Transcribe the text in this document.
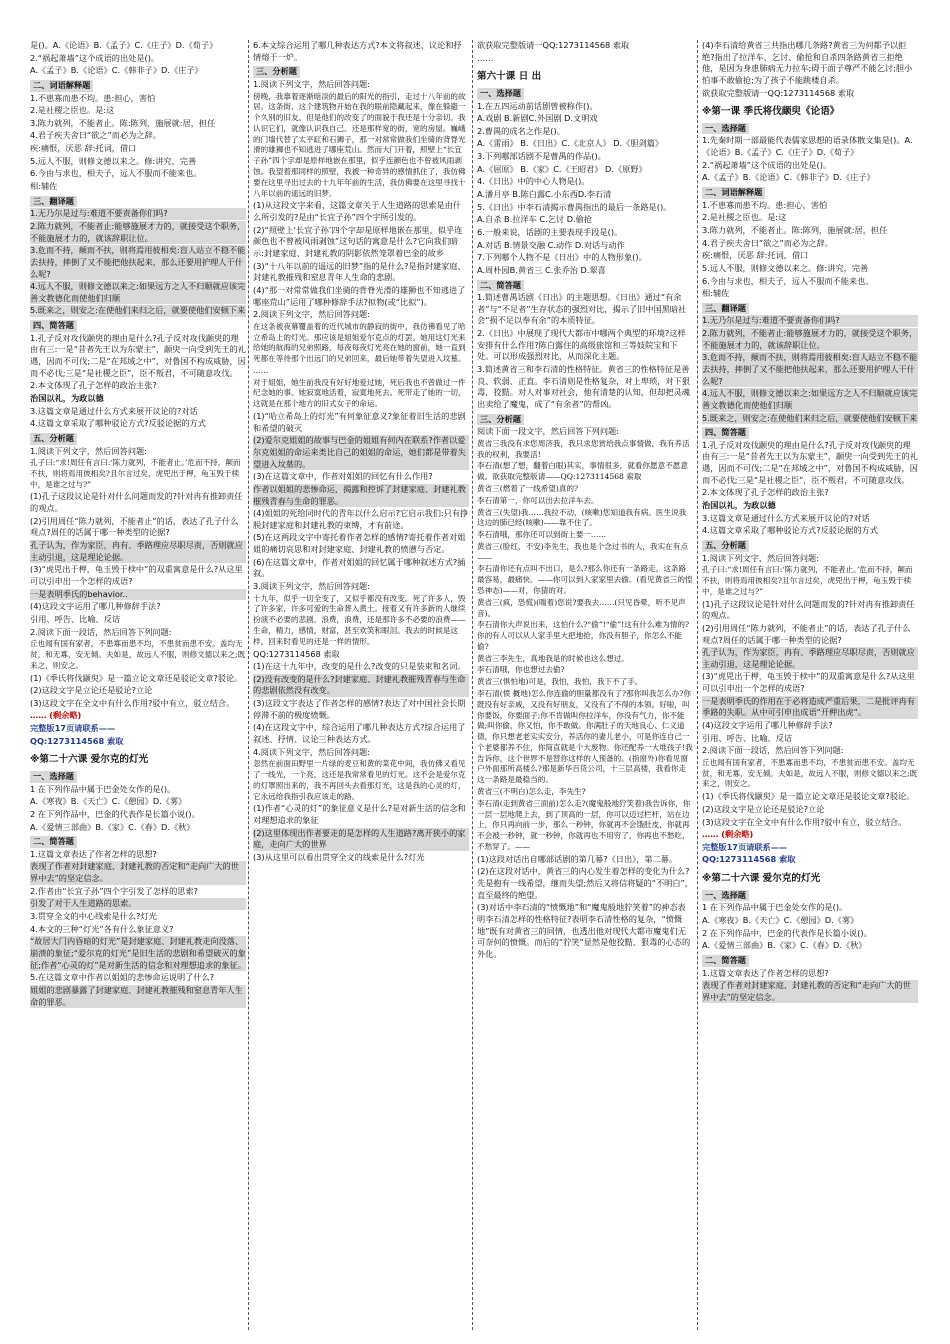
是()。A.《论语》B.《孟子》C.《庄子》D.《荀子》

2.“祸起萧墙”这个成语的出处是()。

A.《孟子》B.《论语》C.《韩非子》D.《庄子》

二、词语解释题

1.不患寡而患不均。患:担心，害怕

2.是社稷之臣也。是:这

3.陈力就列，不能者止。陈:陈列，施展就:居，担任

4.君子疾夫舍曰“欲之”而必为之辞。

疾:痛恨，厌恶 辞:托词，借口

5.远人不服，则修文德以来之。修:讲究，完善

6.今由与求也，相夫子，远人不服而不能来也。

相:辅佐

三、翻译题

1.无乃尔是过与:难道不要责备你们吗?

2.陈力就列，不能者止:能够施展才力的，就接受这个职务，不能施展才力的，就该辞职让位。

3.危而不持，颠而不扶，则将焉用彼相矣:盲人站立不稳不能去扶持，摔倒了又不能把他扶起来，那么还要用护理人干什么呢?

4.远人不服，则修文德以来之:如果远方之人不归顺就应该完善文教德化而使他们归顺

5.既来之，则安之:在使他们来归之后，就要使他们安顿下来

四、简答题

1.孔子反对攻伐颛臾的理由是什么?孔子反对攻伐颛臾的理由有三:一是“昔者先王以为东蒙主”，颛臾一向受到先王的礼遇，因而不可伐;二是“在邦域之中”，对鲁国不构成威胁，因而不必伐;三是“是社稷之臣”，臣不叛君，不可随意攻伐。

2.本文体现了孔子怎样的政治主张?

治国以礼，为政以德

3.这篇文章是通过什么方式来展开议论的?对话

4.这篇文章采取了哪种驳论方式?反驳论据的方式

五、分析题

1.阅读下列文字，然后回答问题:

孔子曰:“求!周任有言曰:‘陈力就列，不能者止。’危而不持，颠而不扶，则将焉用彼相矣?且尔言过矣，虎兕出于柙，龟玉毁于椟中，是谁之过与?”

(1)孔子这段议论是针对什么问题而发的?针对冉有推卸责任的观点。

(2)引用周任“陈力就列，不能者止”的话，表达了孔子什么观点?周任的话属于哪一种类型的论据?

孔子认为，作为家臣，冉有、季路理应尽职尽责，否则就应主动引退，这是理论论据。

(3)“虎兕出于柙，龟玉毁于椟中”的双重寓意是什么?从这里可以引申出一个怎样的成语?

一是表明季氏的behavior..

(4)这段文字运用了哪几种修辞手法?

引用、呼告、比喻、反诘

2.阅读下面一段话，然后回答下列问题:

丘也闻有国有家者，不患寡而患不均，不患贫而患不安。盖均无贫，和无寡，安无倾。夫如是，故远人不服，则修文德以来之;既来之，则安之。

(1)《季氏将伐颛臾》是一篇立论文章还是驳论文章?驳论。

(2)这段文字是立论还是驳论?立论

(3)这段文字在全文中有什么作用?驳中有立，驳立结合。

…… (剩余略)

完整版17页请联系——

QQ:1273114568 索取

※第二十六课 爱尔克的灯光

一、选择题

1 在下列作品中属于巴金处女作的是()。

A.《寒夜》B.《天亡》C.《憩园》D.《雾》

2 在下列作品中，巴金的代表作是长篇小说()。

A.《爱情三部曲》B.《家》C.《春》D.《秋》

二、简答题

1.这篇文章表达了作者怎样的思想?

表现了作者对封建家庭、封建礼教的否定和“走向广大的世界中去”的坚定信念。

2.作者由“长宜子孙”四个字引发了怎样的思索?

引发了对于人生道路的思索。

3.贯穿全文的中心线索是什么?灯光

4.本文的三种“灯光”各有什么象征意义?

“故居大门内昏暗的灯光”是封建家庭、封建礼教走向没落、崩溃的象征;“爱尔克的灯光”是旧生活的悲剧和希望破灭的象征;作者“心灵的灯”是对新生活的信念和对理想追求的象征。

5.在这篇文章中作者以姐姐的悲惨命运说明了什么?

姐姐的悲剧暴露了封建家庭、封建礼教摧残和窒息青年人生命的罪恶。

6.本文综合运用了哪几种表达方式?本文将叙述、议论和抒情熔于一炉。

三、分析题

1.阅读下列文字，然后回答问题:

傍晚，我靠着逐渐暗淡的最后的阳光的指引，走过十八年前的故居。这条街、这个建筑物开始在我的眼前隐藏起来，像在躲避一个久别的旧友。但是他们的改变了的面貌于我还是十分亲切。我认识它们，就像认识我自己。还是那样宽的街，宽的房屋。巍峨的门墙代替了太平缸和石狮子，那一对常常做我们坐骑的背脊光滑的雄狮也不知逃进了哪座荒山。然而大门开着，照壁上“长宜子孙”四个字却是原样地嵌在那里，似乎连颜色也不曾被风雨剥蚀。我望着那同样的照壁，我被一种奇异的感情抓住了，我仿佛要在这里寻出过去的十九年年前的生活，我仿佛要在这里寻找十八年以前的遥远的旧梦。

(1)从这段文字来看，这篇文章关于人生道路的思索是由什么所引发的?是由“长宜子孙”四个字所引发的。

(2)“照壁上‘长宜子孙’四个字却是原样地嵌在那里，似乎连颜色也不曾被风雨剥蚀”这句话的寓意是什么?它向我们暗示:封建家庭、封建礼教的阴影依然笼罩着巴金的故乡

(3)“十八年以前的遥远的旧梦”指的是什么?是指封建家庭、封建礼教摧残和窒息青年人生命的悲剧。

(4)“那一对常常做我们坐骑的背脊光滑的雄狮也不知逃进了哪座荒山”运用了哪种修辞手法?拟物(或“比拟”)。

2.阅读下列文字，然后回答问题:

在这条被夜幕覆盖着的近代城市的静寂的街中，我彷彿看见了哈立希岛上的灯光。那应该是姐姐爱尔克点的灯罢。她用这灯光来给她的航海的兄弟照路，每夜每夜灯光亮在她的窗前，她一直到死都在等待那个出远门的兄弟回来，最后她带着失望进入坟墓。

……

对于姐姐，她生前我没有好好地爱过她，死后我也不曾做过一件纪念她的事。她寂寞地活着，寂寞地死去。死带走了她的一切，这就是在那个地方的旧式女子的命运。

(1)“哈立希岛上的灯光”有何象征意义?象征着旧生活的悲剧和希望的破灭

(2)爱尔克姐姐的故事与巴金的姐姐有何内在联系?作者以爱尔克姐姐的命运来类比自己的姐姐的命运，她们都是带着失望进入坟墓的。

(3)在这篇文章中，作者对姐姐的回忆有什么作用?

作者以姐姐的悲惨命运，揭露和控诉了封建家庭、封建礼教摧残青春与生命的罪恶。

(4)姐姐的死给同时代的青年以什么启示?它启示我们:只有挣脱封建家庭和封建礼教的束缚，才有前途。

(5)在这两段文字中寄托着作者怎样的感情?寄托着作者对姐姐的痛切哀思和对封建家庭、封建礼教的愤懑与否定。

(6)在这篇文章中，作者对姐姐的回忆属于哪种叙述方式?插叙。

3.阅读下列文字，然后回答问题:

十九年，似乎一切全变了，又似乎都没有改变。死了许多人，毁了许多家，许多可爱的生命葬入黄土。接着又有许多新的人继续扮演不必要的悲剧。浪费，浪费，还是那许多不必要的浪费——生命，精力，感情，财富，甚至欢笑和眼泪。我去的时候是这样，回来时看见的还是一样的情形。

QQ:1273114568 索取

(1)在这十九年中，改变的是什么?改变的只是装束和名词。

(2)没有改变的是什么?封建家庭、封建礼教摧残青春与生命的悲剧依然没有改变。

(3)这段文字表达了作者怎样的感情?表达了对中国社会长期停滞不前的极度愤慨。

(4)在这段文字中，综合运用了哪几种表达方式?综合运用了叙述、抒情、议论三种表达方式。

4.阅读下列文字，然后回答问题:

忽然在前面田野里一片绿的麦豆和黄的菜花中间，我仿佛又看见了一线光，一个亮，这还是我常常看见的灯光。这不会是爱尔克的灯罩照出来的，我不再回头去看那灯光，这是我的心灵的灯，它永远给我指引我应该走的路。

(1)作者“心灵的灯”的象征意义是什么?是对新生活的信念和对理想追求的象征

(2)这里体现出作者要走的是怎样的人生道路?离开狭小的家庭，走向广大的世界

(3)从这里可以看出贯穿全文的线索是什么?灯光

欲获取完整版请一QQ:1273114568 索取

……

第六十课 日 出

一、选择题

1.在五四运动前话剧曾被称作()。

A.戏剧 B.新剧C.外国剧 D.文明戏

2.曹禺的成名之作是()。

A.《雷雨》 B.《日出》C.《北京人》 D.《胆剑篇》

3.下列哪部话剧不是曹禺的作品()。

A.《屈原》 B.《家》C.《王昭君》 D.《原野》

4.《日出》中的中心人物是()。

A.潘月亭 B.陈白露C.小东西D.李石清

5.《日出》中李石清揭示曹禺指出的最后一条路是()。

A.自杀 B.拉洋车 C.乞讨 D.偷抢

6.一般来说，话剧的主要表现手段是()。

A.对话 B.情景交融 C.动作 D.对话与动作

7.下列哪个人物不是《日出》中的人物形象()。

A.周朴园B.黄省三 C.张乔治 D.翠喜

二、简答题

1.简述曹禺话剧《日出》的主题思想。《日出》通过“有余者”与“不足者”生存状态的强烈对比，揭示了旧中国黑暗社会“损不足以奉有余”的本质特征。

2.《日出》中展现了现代大都市中哪两个典型的环境?这样安排有什么作用?陈白露住的高级旅馆和三等妓院宝和下处。可以形成强烈对比，从而深化主题。

3.简述黄省三和李石清的性格特征。黄省三的性格特征是善良、软弱、正直。李石清则是性格复杂，对上卑琐，对下狠毒，狡黠。对人对事对社会，他有清楚的认知，但却把灵魂出卖给了魔鬼，成了“有余者”的帮凶。

三、分析题

阅读下面一段文字，然后回答下列问题:

黄省三我没有求您周济我，我只求您赏给我点事情做，我有养活我的权利，我要活!

李石清(想了想，翻着白眼)其实，事情很多，就看你愿意不愿意做。欲获取完整版请——QQ:1273114568 索取

黄省三(燃着了一线希望)真的?

李石清第一，你可以出去拉洋车去。

黄省三(失望)我……我拉不动，(咳嗽)您知道我有病。医生说我这边的肺已经(咳嗽)——靠不住了。

李石清哦，那你还可以到街上要一……

黄省三(脸红，不安)李先生，我也是个念过书的人，我实在有点——

李石清你还有点叫不出口，是么?那么你还有一条路走，这条路最容易，最痛快。——你可以到人家家里去偷。(看见黄省三的惶恐神态)——对，你猜的对。

黄省三(疯，恐慌)(喘着)您说?要我去……(只见昏晕，听不见声音)。

李石清你大声说出来，这怕什么?“偷”!“偷”!这有什么难为情的?你的有人可以从人家手里大把地抢，你没有胆子，你怎么不能偷?

黄省三李先生，真地我是的时候也这么想过。

李石清哦，你也想过去偷?

黄省三(惧怕地)可是，我怕，我怕，我下不了手。

李石清(愤 概地)怎么你连偷的胆量都没有了?那你叫我怎么办?你既没有好亲戚，又没有好朋友，又没有了不得的本领。好啦，叫你要饭，你要面子;你不肯做叫你拉洋车，你没有气力，你不能做;叫你偷，你又怕，你不敢做。你满肚子的天地良心、仁义道德，你只想老老实实安分，养活你的妻儿老小，可是你连自己一个老婆都养不住，你简直就是个大废物。你还配养一大堆孩子!我告诉你，这个世界不是替你这样的人预备的。(指窗外)你看见窗户外面那所高楼么?那是新华百货公司，十三层高楼，我看你走这一条路是最稳当的。

黄省三(不明白)怎么走，李先生?

李石清(走到黄省三面前)怎么走?(魔鬼般地狞笑着)我告诉你，你一层一层地爬上去，到了顶高的一层，你可以迈过栏杆，站在边上，你只再向前一步，那么一秒钟，你就再不会饿肚皮，你就再不会被一秒钟，就一秒钟，你就再也不用穷了，你再也不愁吃，不愁穿了。——

(1)这段对话出自哪部话剧的第几幕?《日出》，第二幕。

(2)在这段对话中，黄省三的内心发生着怎样的变化为什么?先是抱有一线希望，继而失望;然后又将信将疑的“不明白”，直至最终的绝望。

(3)对话中李石清的“愤慨地”和“魔鬼般地狞笑着”的神态表明李石清怎样的性格特征?表明李石清性格的复杂，“愤慨地”既有对黄省三的同情，也透出他对现代大都市魔鬼们无可奈何的愤慨。而后的“狞笑”显然是他狡黠、狠毒的心态的外化。

(4)李石清给黄省三共指出哪几条路?黄省三为何都予以拒绝?指出了拉洋车、乞讨、偷抢和自杀四条路黄省三拒绝他，是因为身患肺病无力拉车;碍于面子尊严不能乞讨;胆小怕事不敢偷抢;为了孩子不能跳楼自杀。

欲获取完整版请一QQ:1273114568 索取

※第一课 季氏将伐颛臾《论语》

一、选择题

1.先秦时期一部最能代表儒家思想的语录体散文集是()。A.《论语》B.《孟子》C.《庄子》D.《荀子》

2.“祸起萧墙”这个成语的出处是()。

A.《孟子》B.《论语》C.《韩非子》D.《庄子》

二、词语解释题

1.不患寡而患不均。患:担心，害怕

2.是社稷之臣也。是:这

3.陈力就列，不能者止。陈:陈列，施展就:居，担任

4.君子疾夫舍曰“欲之”而必为之辞。

疾:痛恨，厌恶 辞:托词，借口

5.远人不服，则修文德以来之。修:讲究，完善

6.今由与求也，相夫子，远人不服而不能来也。

相:辅佐

三、翻译题

1.无乃尔是过与:难道不要责备你们吗?

2.陈力就列，不能者止:能够施展才力的，就接受这个职务，不能施展才力的，就该辞职让位。

3.危而不持，颠而不扶，则将焉用彼相矣:盲人站立不稳不能去扶持，摔倒了又不能把他扶起来，那么还要用护理人干什么呢?

4.远人不服，则修文德以来之:如果远方之人不归顺就应该完善文教德化而使他们归顺

5.既来之，则安之:在使他们来归之后，就要使他们安顿下来

四、简答题

1.孔子反对攻伐颛臾的理由是什么?孔子反对攻伐颛臾的理由有三:一是“昔者先王以为东蒙主”，颛臾一向受到先王的礼遇，因而不可伐;二是“在邦域之中”，对鲁国不构成威胁，因而不必伐;三是“是社稷之臣”，臣不叛君，不可随意攻伐。

2.本文体现了孔子怎样的政治主张?

治国以礼，为政以德

3.这篇文章是通过什么方式来展开议论的?对话

4.这篇文章采取了哪种驳论方式?反驳论据的方式

五、分析题

1.阅读下列文字，然后回答问题:

孔子曰:“求!周任有言曰:‘陈力就列，不能者止。’危而不持，颠而不扶，则将焉用彼相矣?且尔言过矣，虎兕出于柙，龟玉毁于椟中，是谁之过与?”

(1)孔子这段议论是针对什么问题而发的?针对冉有推卸责任的观点。

(2)引用周任“陈力就列，不能者止”的话，表达了孔子什么观点?周任的话属于哪一种类型的论据?

孔子认为，作为家臣，冉有、季路理应尽职尽责，否则就应主动引退，这是理论论据。

(3)“虎兕出于柙，龟玉毁于椟中”的双重寓意是什么?从这里可以引申出一个怎样的成语?

一是表明季氏的作用在于必将造成严重后果，二是批评冉有季路的失职。从中可引申出成语“开柙出虎”。

(4)这段文字运用了哪几种修辞手法?

引用、呼告、比喻、反诘

2.阅读下面一段话，然后回答下列问题:

丘也闻有国有家者，不患寡而患不均，不患贫而患不安。盖均无贫，和无寡，安无倾。夫如是，故远人不服，则修文德以来之;既来之，则安之。

(1)《季氏将伐颛臾》是一篇立论文章还是驳论文章?驳论。

(2)这段文字是立论还是驳论?立论

(3)这段文字在全文中有什么作用?驳中有立，驳立结合。

…… (剩余略)

完整版17页请联系——

QQ:1273114568 索取

※第二十六课 爱尔克的灯光

一、选择题

1 在下列作品中属于巴金处女作的是()。

A.《寒夜》B.《天亡》C.《憩园》D.《雾》

2 在下列作品中，巴金的代表作是长篇小说()。

A.《爱情三部曲》B.《家》C.《春》D.《秋》

二、简答题

1.这篇文章表达了作者怎样的思想?

表现了作者对封建家庭、封建礼教的否定和“走向广大的世界中去”的坚定信念。
